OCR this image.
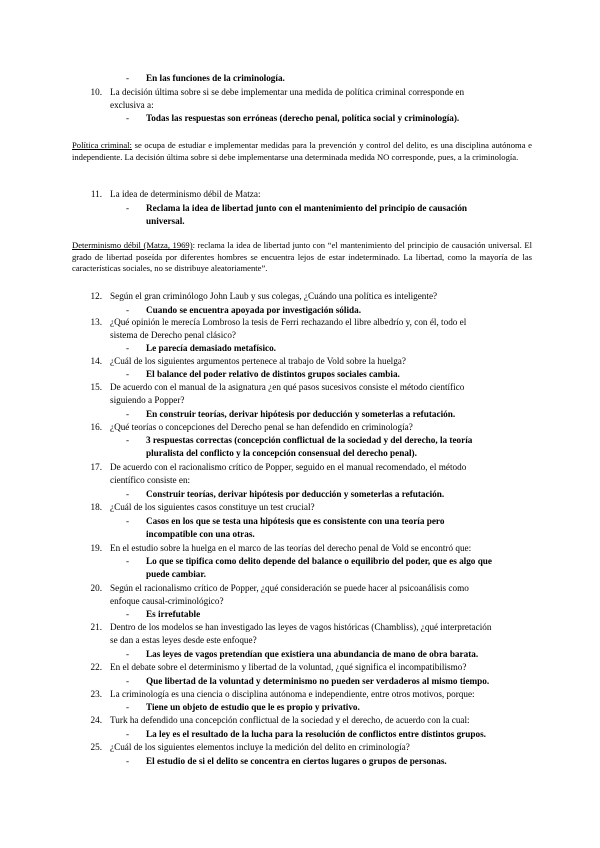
- En las funciones de la criminología.
10. La decisión última sobre si se debe implementar una medida de política criminal corresponde en
exclusiva a:
- Todas las respuestas son erróneas (derecho penal, política social y criminología).
Política criminal: se ocupa de estudiar e implementar medidas para la prevención y control del delito, es una disciplina autónoma e independiente. La decisión última sobre si debe implementarse una determinada medida NO corresponde, pues, a la criminología.
11. La idea de determinismo débil de Matza:
- Reclama la idea de libertad junto con el mantenimiento del principio de causación
universal.
Determinismo débil (Matza, 1969): reclama la idea de libertad junto con “el mantenimiento del principio de causación universal. El grado de libertad poseída por diferentes hombres se encuentra lejos de estar indeterminado. La libertad, como la mayoría de las características sociales, no se distribuye aleatoriamente”.
12. Según el gran criminólogo John Laub y sus colegas, ¿Cuándo una política es inteligente?
- Cuando se encuentra apoyada por investigación sólida.
13. ¿Qué opinión le merecía Lombroso la tesis de Ferri rechazando el libre albedrío y, con él, todo el
sistema de Derecho penal clásico?
- Le parecía demasiado metafísico.
14. ¿Cuál de los siguientes argumentos pertenece al trabajo de Vold sobre la huelga?
- El balance del poder relativo de distintos grupos sociales cambia.
15. De acuerdo con el manual de la asignatura ¿en qué pasos sucesivos consiste el método científico
siguiendo a Popper?
- En construir teorías, derivar hipótesis por deducción y someterlas a refutación.
16. ¿Qué teorías o concepciones del Derecho penal se han defendido en criminología?
- 3 respuestas correctas (concepción conflictual de la sociedad y del derecho, la teoría
pluralista del conflicto y la concepción consensual del derecho penal).
17. De acuerdo con el racionalismo crítico de Popper, seguido en el manual recomendado, el método
científico consiste en:
- Construir teorías, derivar hipótesis por deducción y someterlas a refutación.
18. ¿Cuál de los siguientes casos constituye un test crucial?
- Casos en los que se testa una hipótesis que es consistente con una teoría pero
incompatible con una otras.
19. En el estudio sobre la huelga en el marco de las teorías del derecho penal de Vold se encontró que:
- Lo que se tipifica como delito depende del balance o equilibrio del poder, que es algo que
puede cambiar.
20. Según el racionalismo crítico de Popper, ¿qué consideración se puede hacer al psicoanálisis como
enfoque causal-criminológico?
- Es irrefutable
21. Dentro de los modelos se han investigado las leyes de vagos históricas (Chambliss), ¿qué interpretación
se dan a estas leyes desde este enfoque?
- Las leyes de vagos pretendían que existiera una abundancia de mano de obra barata.
22. En el debate sobre el determinismo y libertad de la voluntad, ¿qué significa el incompatibilismo?
- Que libertad de la voluntad y determinismo no pueden ser verdaderos al mismo tiempo.
23. La criminología es una ciencia o disciplina autónoma e independiente, entre otros motivos, porque:
- Tiene un objeto de estudio que le es propio y privativo.
24. Turk ha defendido una concepción conflictual de la sociedad y el derecho, de acuerdo con la cual:
- La ley es el resultado de la lucha para la resolución de conflictos entre distintos grupos.
25. ¿Cuál de los siguientes elementos incluye la medición del delito en criminología?
- El estudio de si el delito se concentra en ciertos lugares o grupos de personas.
